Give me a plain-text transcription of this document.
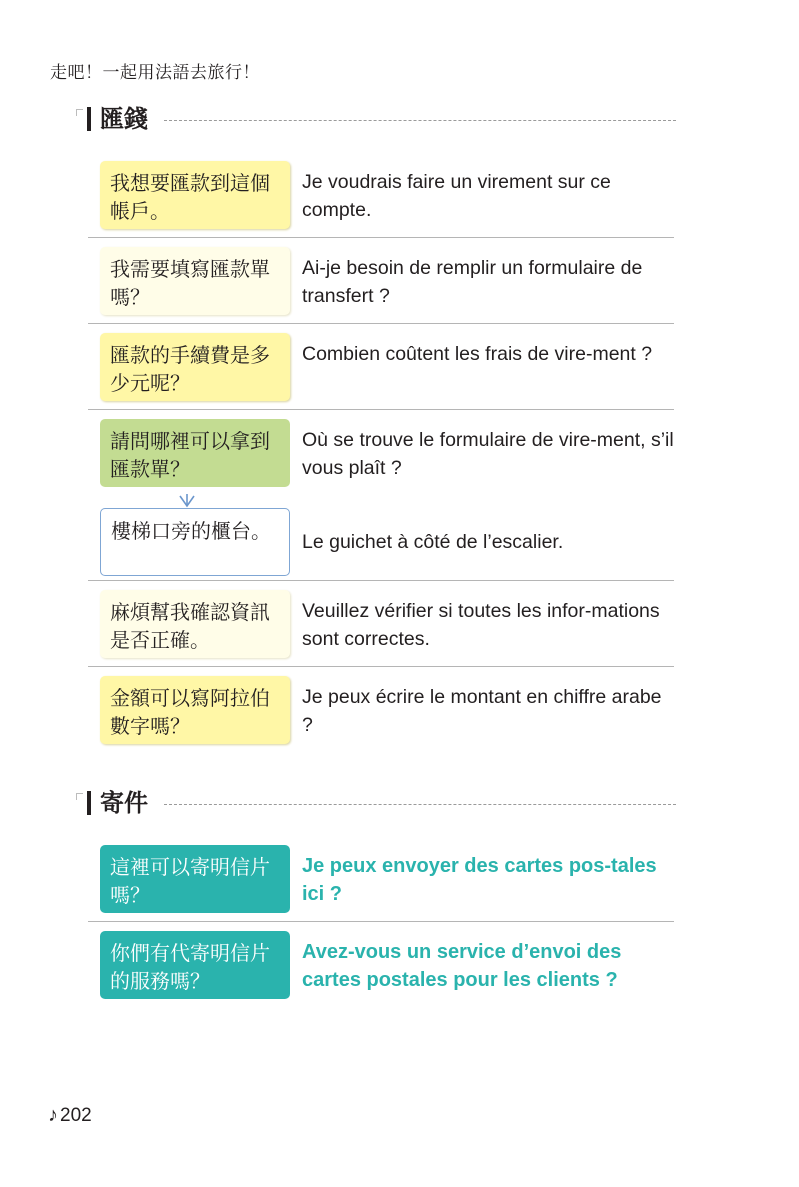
走吧！一起用法語去旅行！
匯錢
我想要匯款到這個帳戶。
Je voudrais faire un virement sur ce compte.
我需要填寫匯款單嗎？
Ai-je besoin de remplir un formulaire de transfert ?
匯款的手續費是多少元呢？
Combien coûtent les frais de vire-ment ?
請問哪裡可以拿到匯款單？
Où se trouve le formulaire de vire-ment, s’il vous plaît ?
樓梯口旁的櫃台。	Le guichet à côté de l’escalier.
麻煩幫我確認資訊是否正確。
Veuillez vérifier si toutes les infor-mations sont correctes.
金額可以寫阿拉伯數字嗎？
Je peux écrire le montant en chiffre arabe ?
寄件
這裡可以寄明信片嗎？
Je peux envoyer des cartes pos-tales ici ?
你們有代寄明信片的服務嗎？
Avez-vous un service d’envoi des cartes postales pour les clients ?
♪ 202
